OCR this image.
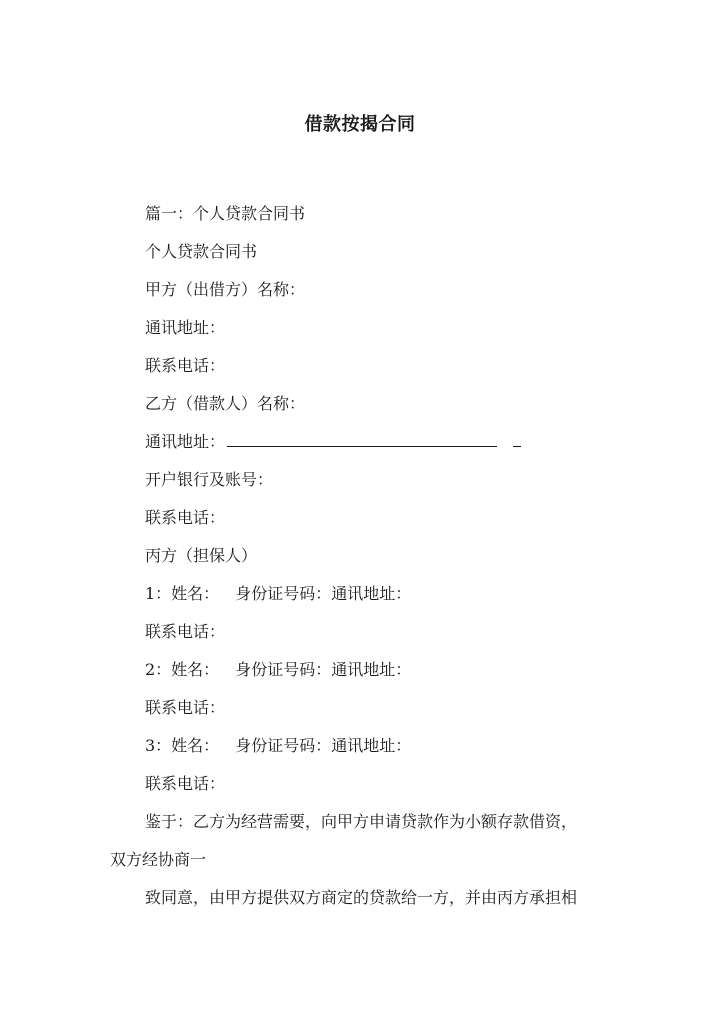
借款按揭合同
篇一：个人贷款合同书
个人贷款合同书
甲方（出借方）名称：
通讯地址：
联系电话：
乙方（借款人）名称：
通讯地址：
开户银行及账号：
联系电话：
丙方（担保人）
1：姓名： 身份证号码：通讯地址：
联系电话：
2：姓名： 身份证号码：通讯地址：
联系电话：
3：姓名： 身份证号码：通讯地址：
联系电话：
鉴于：乙方为经营需要，向甲方申请贷款作为小额存款借资，
双方经协商一
致同意，由甲方提供双方商定的贷款给一方，并由丙方承担相
